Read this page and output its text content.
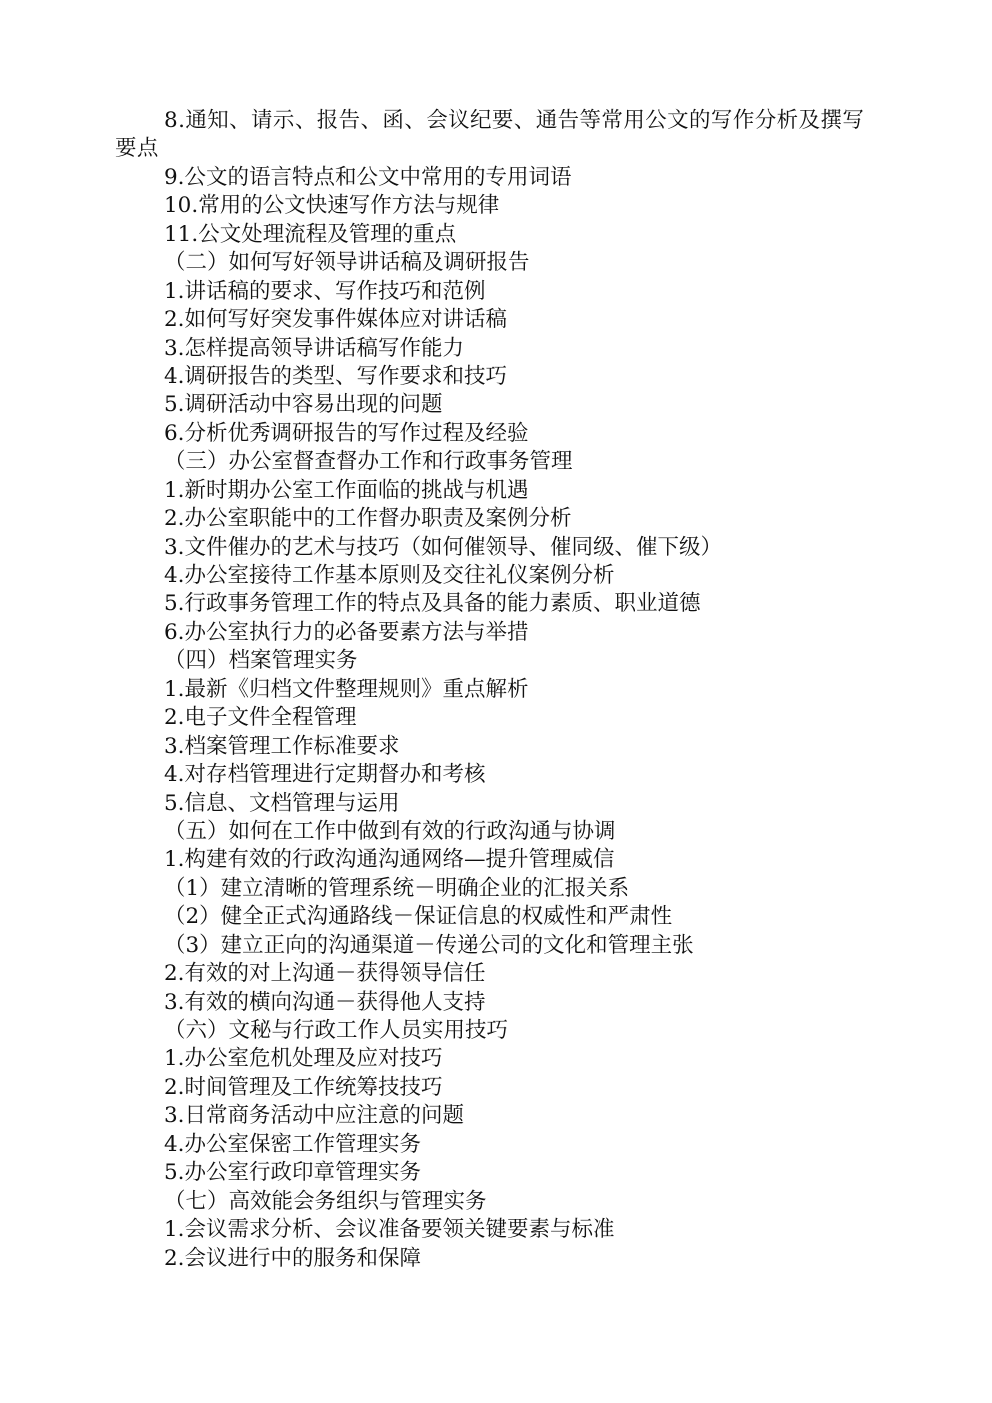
8.通知、请示、报告、函、会议纪要、通告等常用公文的写作分析及撰写要点
9.公文的语言特点和公文中常用的专用词语
10.常用的公文快速写作方法与规律
11.公文处理流程及管理的重点
（二）如何写好领导讲话稿及调研报告
1.讲话稿的要求、写作技巧和范例
2.如何写好突发事件媒体应对讲话稿
3.怎样提高领导讲话稿写作能力
4.调研报告的类型、写作要求和技巧
5.调研活动中容易出现的问题
6.分析优秀调研报告的写作过程及经验
（三）办公室督查督办工作和行政事务管理
1.新时期办公室工作面临的挑战与机遇
2.办公室职能中的工作督办职责及案例分析
3.文件催办的艺术与技巧（如何催领导、催同级、催下级）
4.办公室接待工作基本原则及交往礼仪案例分析
5.行政事务管理工作的特点及具备的能力素质、职业道德
6.办公室执行力的必备要素方法与举措
（四）档案管理实务
1.最新《归档文件整理规则》重点解析
2.电子文件全程管理
3.档案管理工作标准要求
4.对存档管理进行定期督办和考核
5.信息、文档管理与运用
（五）如何在工作中做到有效的行政沟通与协调
1.构建有效的行政沟通沟通网络—提升管理威信
（1）建立清晰的管理系统－明确企业的汇报关系
（2）健全正式沟通路线－保证信息的权威性和严肃性
（3）建立正向的沟通渠道－传递公司的文化和管理主张
2.有效的对上沟通－获得领导信任
3.有效的横向沟通－获得他人支持
（六）文秘与行政工作人员实用技巧
1.办公室危机处理及应对技巧
2.时间管理及工作统筹技技巧
3.日常商务活动中应注意的问题
4.办公室保密工作管理实务
5.办公室行政印章管理实务
（七）高效能会务组织与管理实务
1.会议需求分析、会议准备要领关键要素与标准
2.会议进行中的服务和保障
